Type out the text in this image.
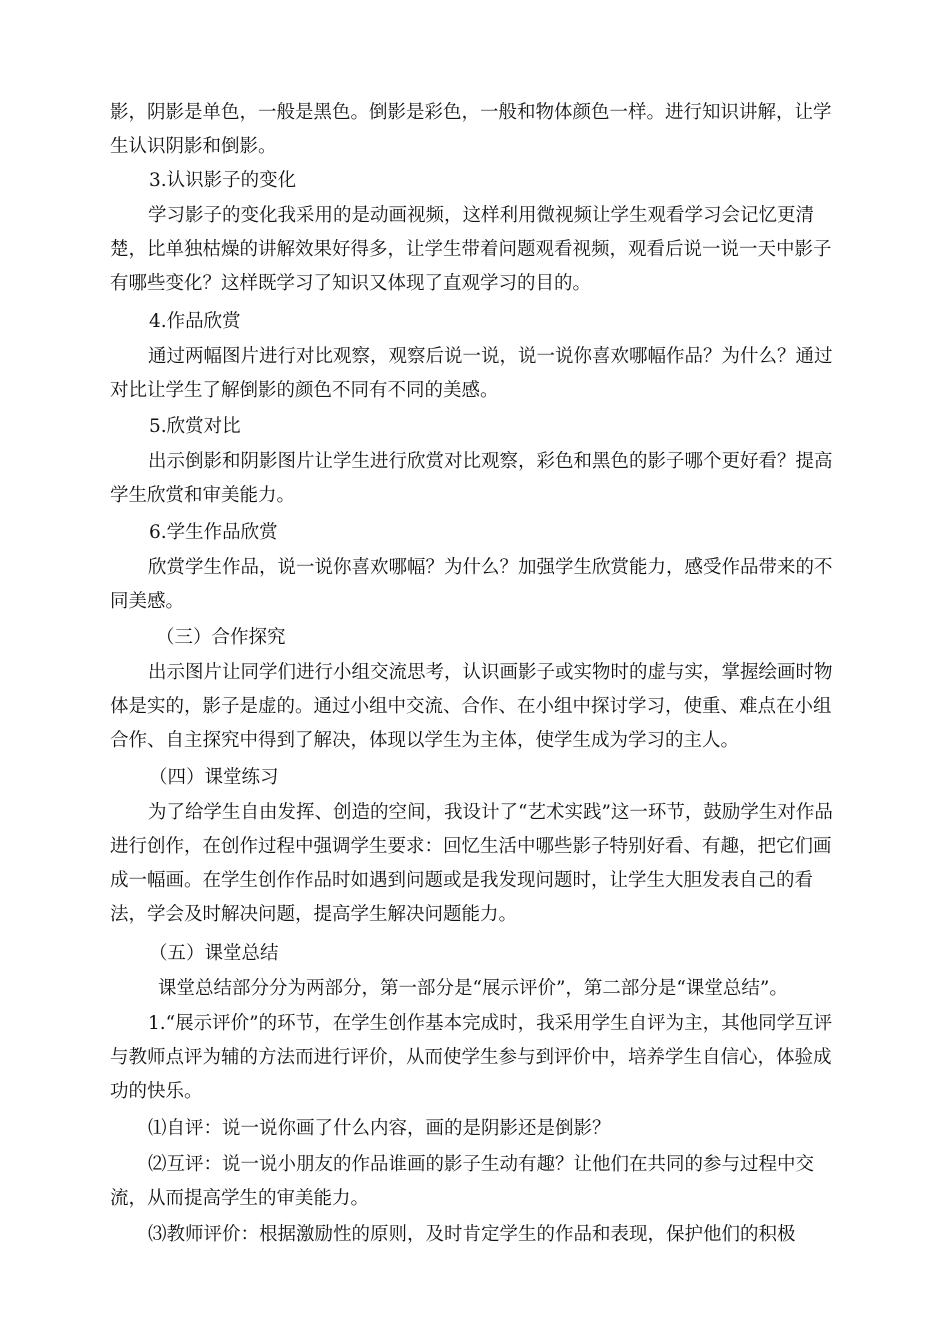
影，阴影是单色，一般是黑色。倒影是彩色，一般和物体颜色一样。进行知识讲解，让学生认识阴影和倒影。

3.认识影子的变化

学习影子的变化我采用的是动画视频，这样利用微视频让学生观看学习会记忆更清楚，比单独枯燥的讲解效果好得多，让学生带着问题观看视频，观看后说一说一天中影子有哪些变化？这样既学习了知识又体现了直观学习的目的。

4.作品欣赏

通过两幅图片进行对比观察，观察后说一说，说一说你喜欢哪幅作品？为什么？通过对比让学生了解倒影的颜色不同有不同的美感。

5.欣赏对比

出示倒影和阴影图片让学生进行欣赏对比观察，彩色和黑色的影子哪个更好看？提高学生欣赏和审美能力。

6.学生作品欣赏

欣赏学生作品，说一说你喜欢哪幅？为什么？加强学生欣赏能力，感受作品带来的不同美感。

（三）合作探究

出示图片让同学们进行小组交流思考，认识画影子或实物时的虚与实，掌握绘画时物体是实的，影子是虚的。通过小组中交流、合作、在小组中探讨学习，使重、难点在小组合作、自主探究中得到了解决，体现以学生为主体，使学生成为学习的主人。

（四）课堂练习

为了给学生自由发挥、创造的空间，我设计了“艺术实践”这一环节，鼓励学生对作品进行创作，在创作过程中强调学生要求：回忆生活中哪些影子特别好看、有趣，把它们画成一幅画。在学生创作作品时如遇到问题或是我发现问题时，让学生大胆发表自己的看法，学会及时解决问题，提高学生解决问题能力。

（五）课堂总结

课堂总结部分分为两部分，第一部分是“展示评价”，第二部分是“课堂总结”。

1.“展示评价”的环节，在学生创作基本完成时，我采用学生自评为主，其他同学互评与教师点评为辅的方法而进行评价，从而使学生参与到评价中，培养学生自信心，体验成功的快乐。

⑴自评：说一说你画了什么内容，画的是阴影还是倒影？

⑵互评：说一说小朋友的作品谁画的影子生动有趣？让他们在共同的参与过程中交流，从而提高学生的审美能力。

⑶教师评价：根据激励性的原则，及时肯定学生的作品和表现，保护他们的积极
